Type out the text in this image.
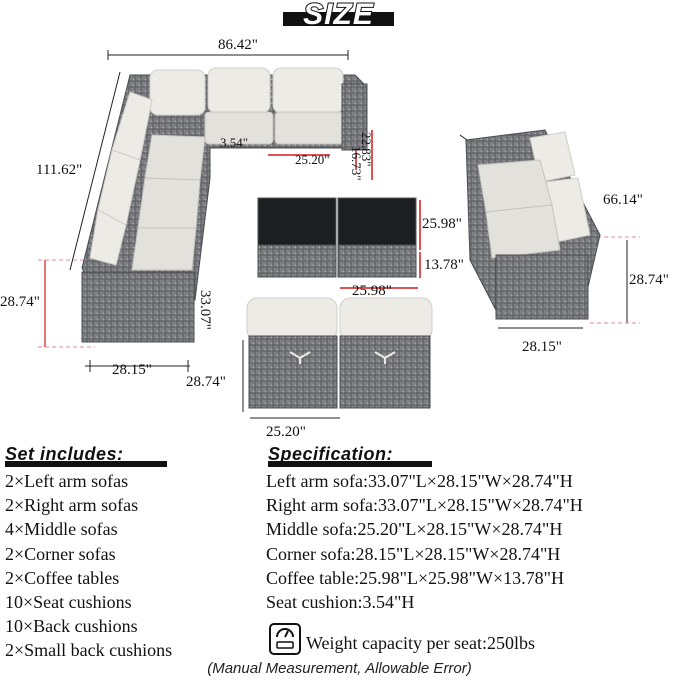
SIZE
86.42"
111.62"
3.54"
25.20" 22.83"
16.73"
25.98"
13.78"
25.98"
28.74"	33.07"
28.15"
28.74"
25.20"
66.14"
28.74"
28.15"
Set includes:
2×Left arm sofas
2×Right arm sofas
4×Middle sofas
2×Corner sofas
2×Coffee tables
10×Seat cushions
10×Back cushions
2×Small back cushions
Specification:
Left arm sofa:33.07"L×28.15"W×28.74"H
Right arm sofa:33.07"L×28.15"W×28.74"H
Middle sofa:25.20"L×28.15"W×28.74"H
Corner sofa:28.15"L×28.15"W×28.74"H
Coffee table:25.98"L×25.98"W×13.78"H
Seat cushion:3.54"H
Weight capacity per seat:250lbs
(Manual Measurement, Allowable Error)
